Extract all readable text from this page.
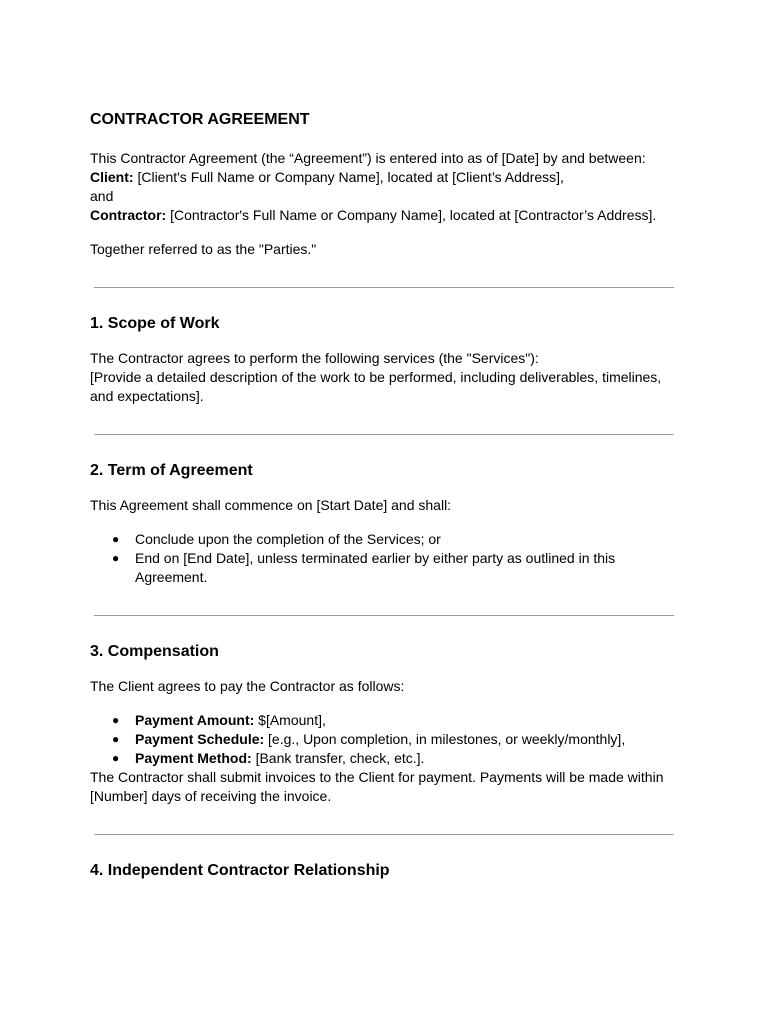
CONTRACTOR AGREEMENT

This Contractor Agreement (the “Agreement”) is entered into as of [Date] by and between:

Client: [Client's Full Name or Company Name], located at [Client’s Address],

and

Contractor: [Contractor's Full Name or Company Name], located at [Contractor’s Address].

Together referred to as the "Parties."

1. Scope of Work

The Contractor agrees to perform the following services (the "Services"):

[Provide a detailed description of the work to be performed, including deliverables, timelines, and expectations].

2. Term of Agreement

This Agreement shall commence on [Start Date] and shall:

● Conclude upon the completion of the Services; or
● End on [End Date], unless terminated earlier by either party as outlined in this Agreement.
3. Compensation

The Client agrees to pay the Contractor as follows:

● Payment Amount: $[Amount],
● Payment Schedule: [e.g., Upon completion, in milestones, or weekly/monthly],
● Payment Method: [Bank transfer, check, etc.].

The Contractor shall submit invoices to the Client for payment. Payments will be made within [Number] days of receiving the invoice.

4. Independent Contractor Relationship
